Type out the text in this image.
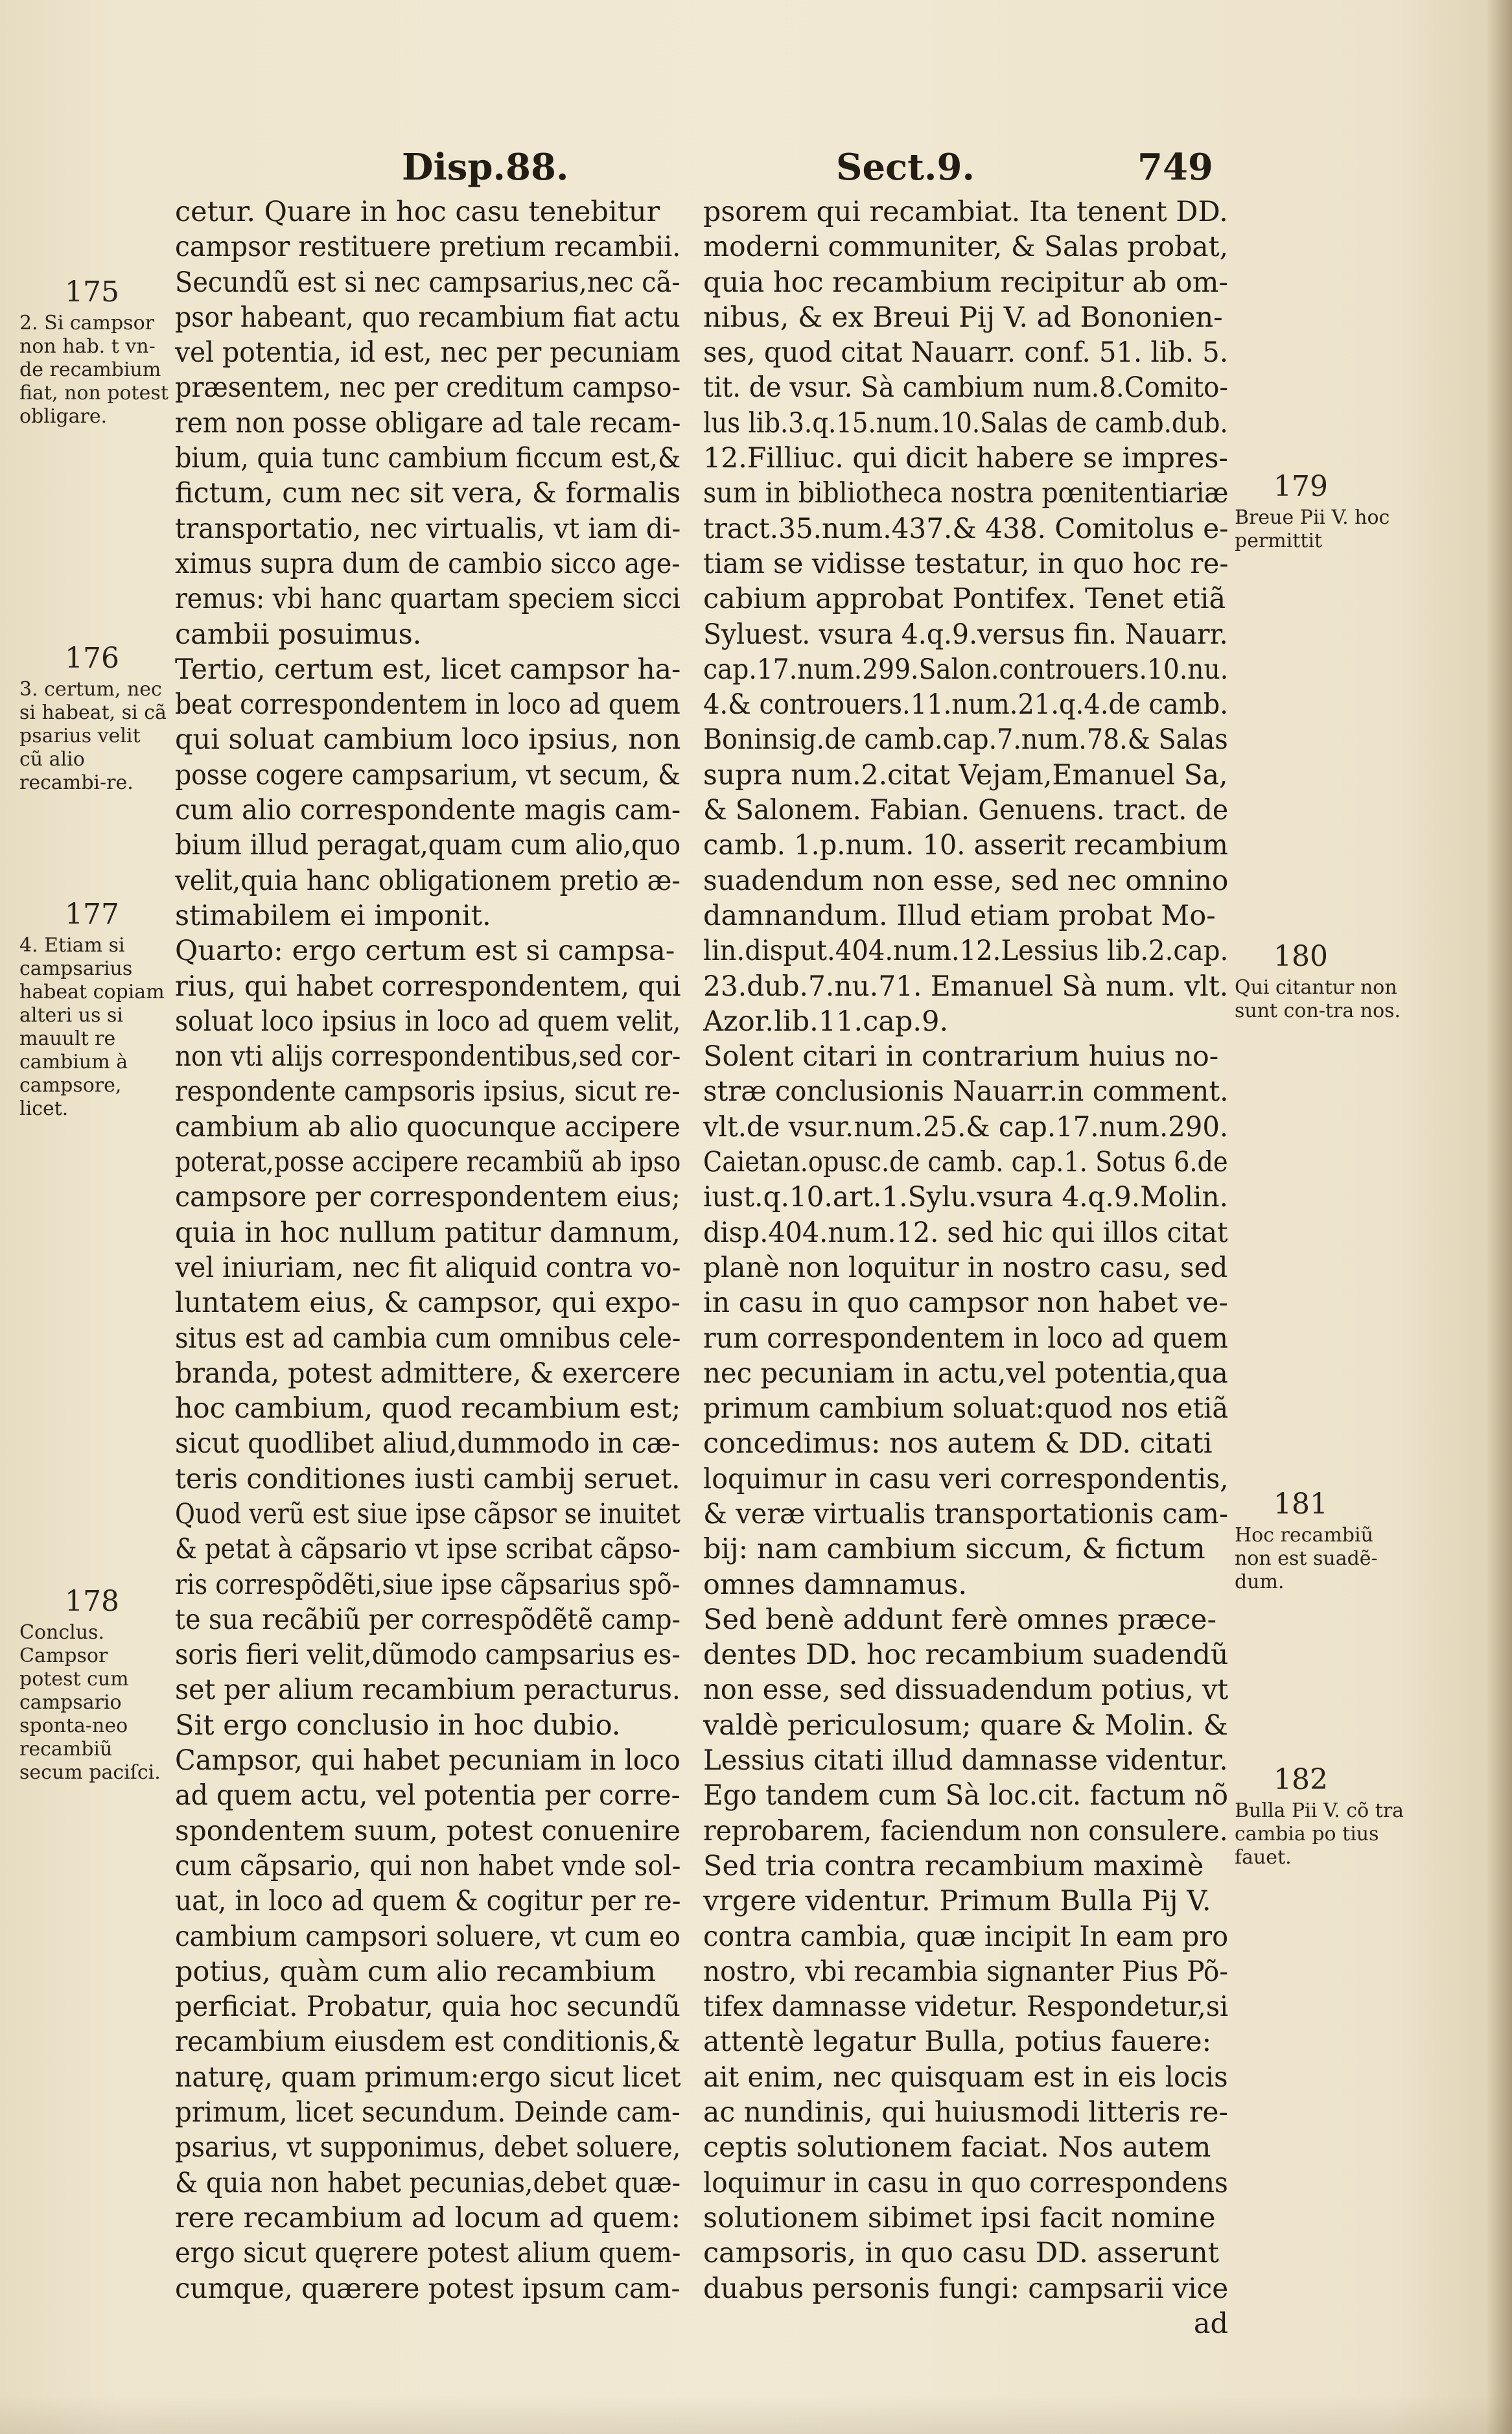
Disp.88.	Sect.9.	749
cetur. Quare in hoc casu tenebitur
campsor restituere pretium recambii.
Secundũ est si nec campsarius,nec cã-
psor habeant, quo recambium fiat actu
vel potentia, id est, nec per pecuniam
præsentem, nec per creditum campso-
rem non posse obligare ad tale recam-
bium, quia tunc cambium ficcum est,&
fictum, cum nec sit vera, & formalis
transportatio, nec virtualis, vt iam di-
ximus supra dum de cambio sicco age-
remus: vbi hanc quartam speciem sicci
cambii posuimus.
Tertio, certum est, licet campsor ha-
beat correspondentem in loco ad quem
qui soluat cambium loco ipsius, non
posse cogere campsarium, vt secum, &
cum alio correspondente magis cam-
bium illud peragat,quam cum alio,quo
velit,quia hanc obligationem pretio æ-
stimabilem ei imponit.
Quarto: ergo certum est si campsa-
rius, qui habet correspondentem, qui
soluat loco ipsius in loco ad quem velit,
non vti alijs correspondentibus,sed cor-
respondente campsoris ipsius, sicut re-
cambium ab alio quocunque accipere
poterat,posse accipere recambiũ ab ipso
campsore per correspondentem eius;
quia in hoc nullum patitur damnum,
vel iniuriam, nec fit aliquid contra vo-
luntatem eius, & campsor, qui expo-
situs est ad cambia cum omnibus cele-
branda, potest admittere, & exercere
hoc cambium, quod recambium est;
sicut quodlibet aliud,dummodo in cæ-
teris conditiones iusti cambij seruet.
Quod verũ est siue ipse cãpsor se inuitet
& petat à cãpsario vt ipse scribat cãpso-
ris correspõdẽti,siue ipse cãpsarius spõ-
te sua recãbiũ per correspõdẽtẽ camp-
soris fieri velit,dũmodo campsarius es-
set per alium recambium peracturus.
Sit ergo conclusio in hoc dubio.
Campsor, qui habet pecuniam in loco
ad quem actu, vel potentia per corre-
spondentem suum, potest conuenire
cum cãpsario, qui non habet vnde sol-
uat, in loco ad quem & cogitur per re-
cambium campsori soluere, vt cum eo
potius, quàm cum alio recambium
perficiat. Probatur, quia hoc secundũ
recambium eiusdem est conditionis,&
naturę, quam primum:ergo sicut licet
primum, licet secundum. Deinde cam-
psarius, vt supponimus, debet soluere,
& quia non habet pecunias,debet quæ-
rere recambium ad locum ad quem:
ergo sicut quęrere potest alium quem-
cumque, quærere potest ipsum cam-
psorem qui recambiat. Ita tenent DD.
moderni communiter, & Salas probat,
quia hoc recambium recipitur ab om-
nibus, & ex Breui Pij V. ad Bononien-
ses, quod citat Nauarr. conf. 51. lib. 5.
tit. de vsur. Sà cambium num.8.Comito-
lus lib.3.q.15.num.10.Salas de camb.dub.
12.Filliuc. qui dicit habere se impres-
sum in bibliotheca nostra pœnitentiariæ
tract.35.num.437.& 438. Comitolus e-
tiam se vidisse testatur, in quo hoc re-
cabium approbat Pontifex. Tenet etiã
Syluest. vsura 4.q.9.versus fin. Nauarr.
cap.17.num.299.Salon.controuers.10.nu.
4.& controuers.11.num.21.q.4.de camb.
Boninsig.de camb.cap.7.num.78.& Salas
supra num.2.citat Vejam,Emanuel Sa,
& Salonem. Fabian. Genuens. tract. de
camb. 1.p.num. 10. asserit recambium
suadendum non esse, sed nec omnino
damnandum. Illud etiam probat Mo-
lin.disput.404.num.12.Lessius lib.2.cap.
23.dub.7.nu.71. Emanuel Sà num. vlt.
Azor.lib.11.cap.9.
Solent citari in contrarium huius no-
stræ conclusionis Nauarr.in comment.
vlt.de vsur.num.25.& cap.17.num.290.
Caietan.opusc.de camb. cap.1. Sotus 6.de
iust.q.10.art.1.Sylu.vsura 4.q.9.Molin.
disp.404.num.12. sed hic qui illos citat
planè non loquitur in nostro casu, sed
in casu in quo campsor non habet ve-
rum correspondentem in loco ad quem
nec pecuniam in actu,vel potentia,qua
primum cambium soluat:quod nos etiã
concedimus: nos autem & DD. citati
loquimur in casu veri correspondentis,
& veræ virtualis transportationis cam-
bij: nam cambium siccum, & fictum
omnes damnamus.
Sed benè addunt ferè omnes præce-
dentes DD. hoc recambium suadendũ
non esse, sed dissuadendum potius, vt
valdè periculosum; quare & Molin. &
Lessius citati illud damnasse videntur.
Ego tandem cum Sà loc.cit. factum nõ
reprobarem, faciendum non consulere.
Sed tria contra recambium maximè
vrgere videntur. Primum Bulla Pij V.
contra cambia, quæ incipit In eam pro
nostro, vbi recambia signanter Pius Põ-
tifex damnasse videtur. Respondetur,si
attentè legatur Bulla, potius fauere:
ait enim, nec quisquam est in eis locis
ac nundinis, qui huiusmodi litteris re-
ceptis solutionem faciat. Nos autem
loquimur in casu in quo correspondens
solutionem sibimet ipsi facit nomine
campsoris, in quo casu DD. asserunt
duabus personis fungi: campsarii vice
ad
175
2. Si campsor non hab. t vn-de recambium fiat, non potest obligare.
176
3. certum, nec si habeat, si cã psarius velit cũ alio recambi-re.
177
4. Etiam si campsarius habeat copiam alteri us si mauult re cambium à campsore, licet.
178
Conclus. Campsor potest cum campsario sponta-neo recambiũ secum paciſci.
179
Breue Pii V. hoc permittit
180
Qui citantur non sunt con-tra nos.
181
Hoc recambiũ non est suadẽ-dum.
182
Bulla Pii V. cõ tra cambia po tius fauet.
